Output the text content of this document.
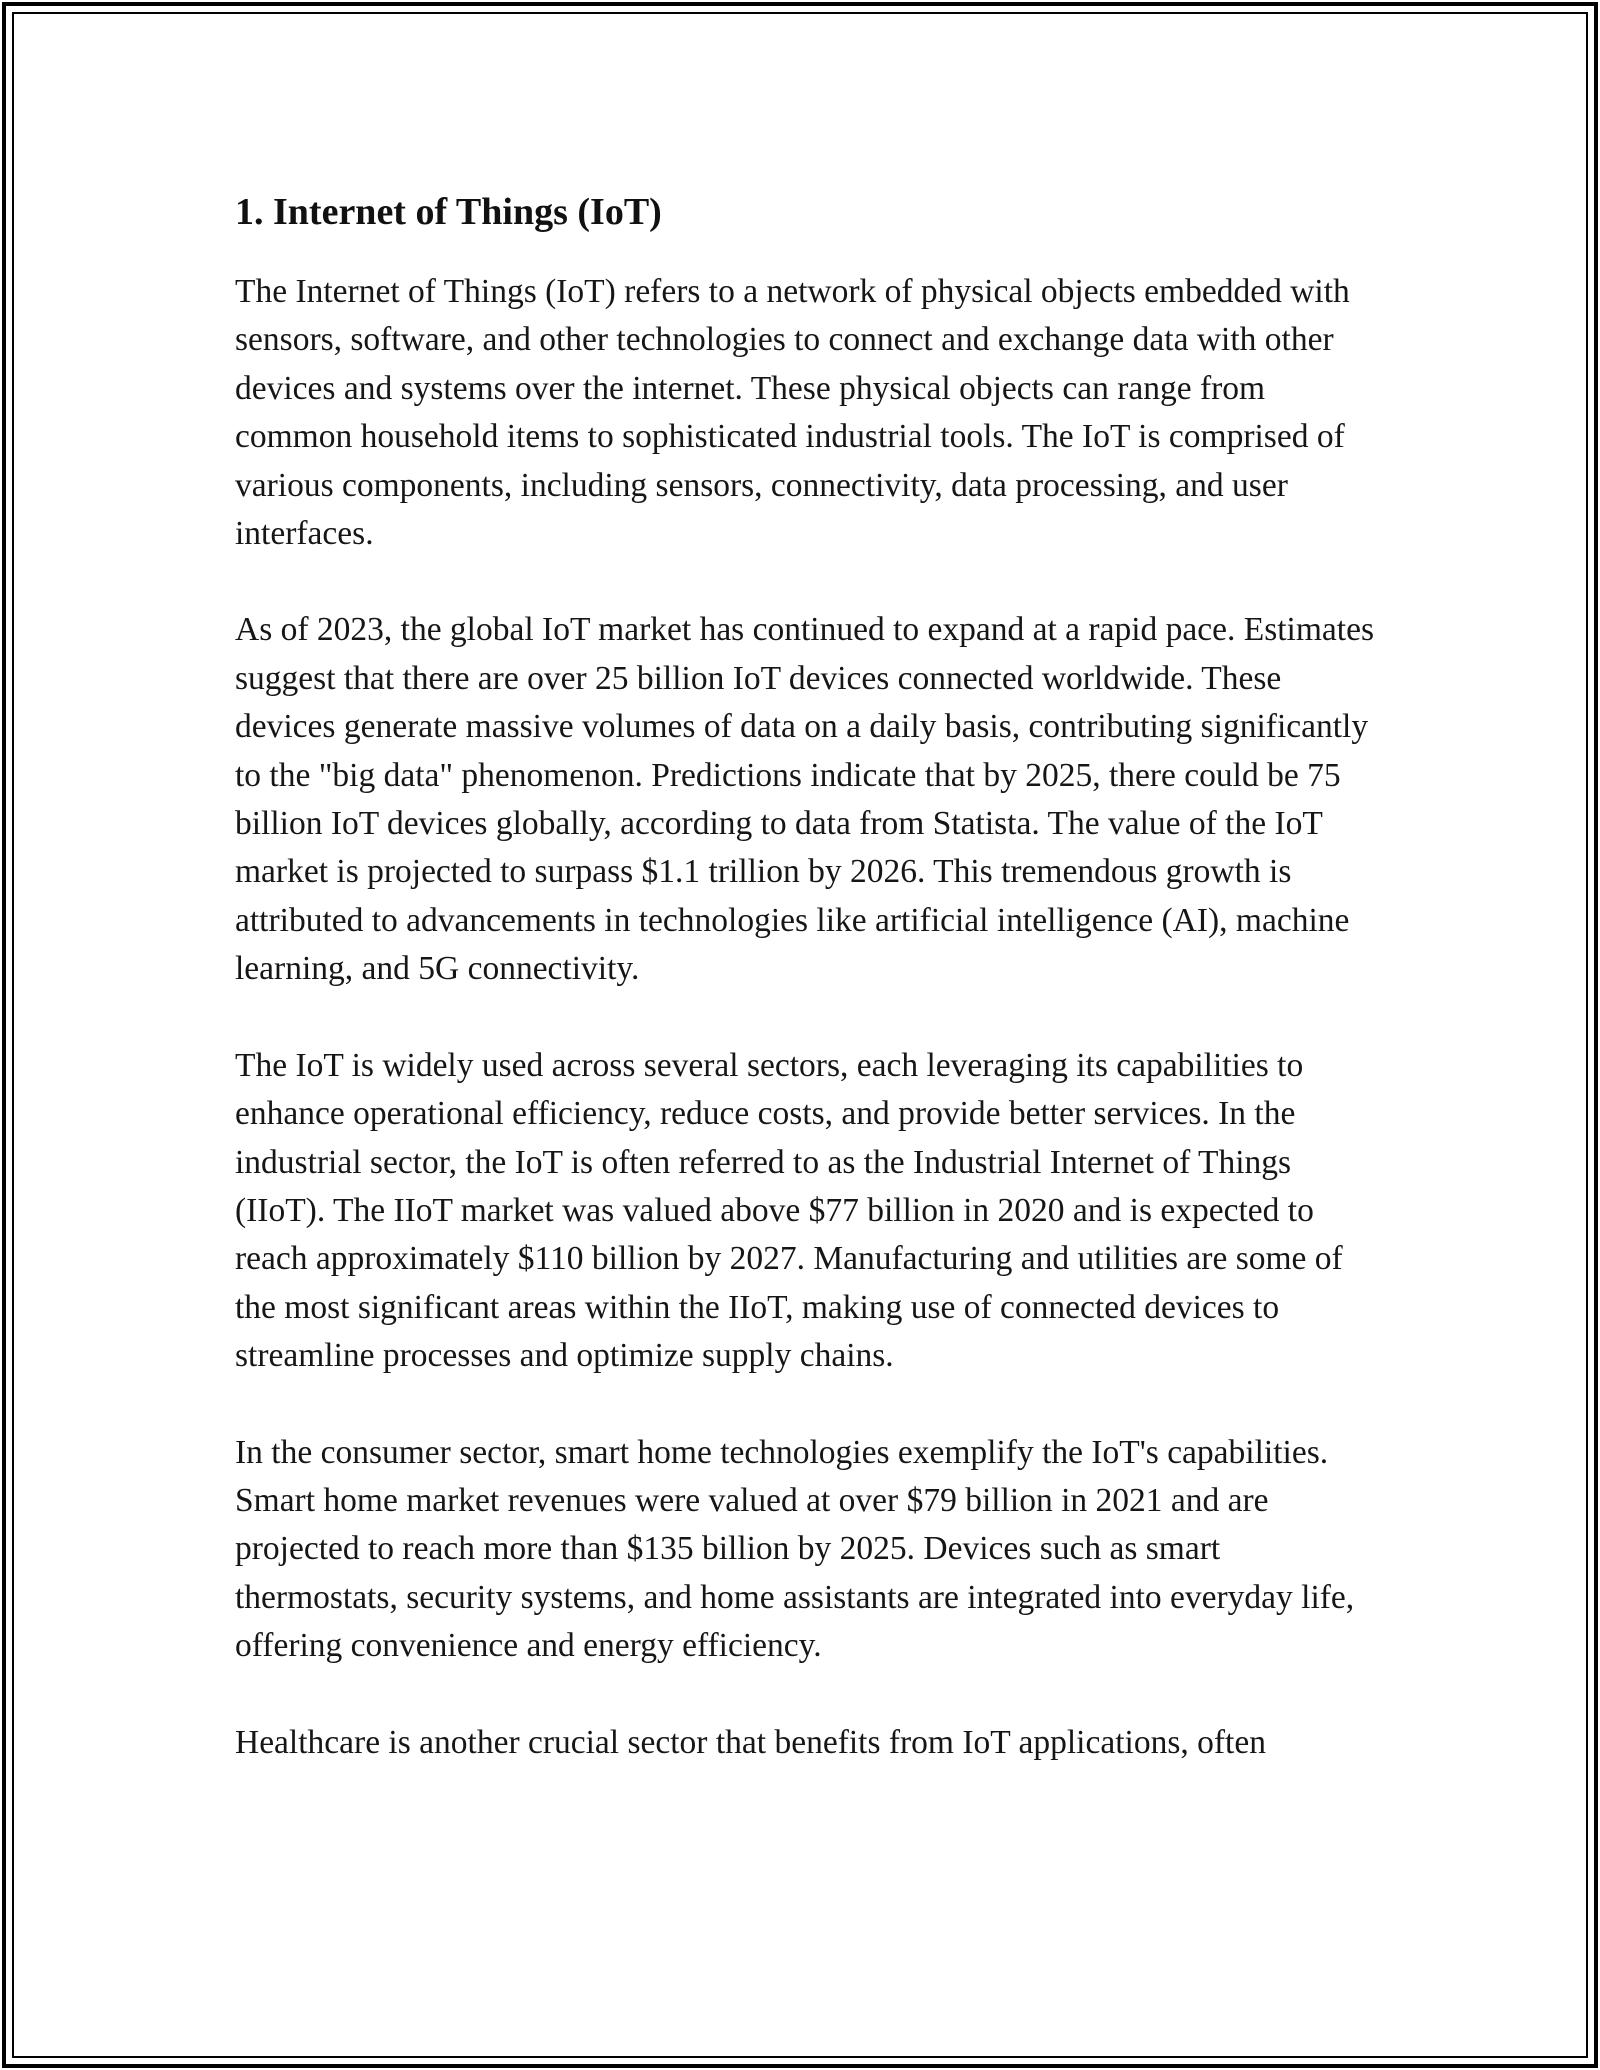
1. Internet of Things (IoT)

The Internet of Things (IoT) refers to a network of physical objects embedded with sensors, software, and other technologies to connect and exchange data with other devices and systems over the internet. These physical objects can range from common household items to sophisticated industrial tools. The IoT is comprised of various components, including sensors, connectivity, data processing, and user interfaces.

As of 2023, the global IoT market has continued to expand at a rapid pace. Estimates suggest that there are over 25 billion IoT devices connected worldwide. These devices generate massive volumes of data on a daily basis, contributing significantly to the "big data" phenomenon. Predictions indicate that by 2025, there could be 75 billion IoT devices globally, according to data from Statista. The value of the IoT market is projected to surpass $1.1 trillion by 2026. This tremendous growth is attributed to advancements in technologies like artificial intelligence (AI), machine learning, and 5G connectivity.

The IoT is widely used across several sectors, each leveraging its capabilities to enhance operational efficiency, reduce costs, and provide better services. In the industrial sector, the IoT is often referred to as the Industrial Internet of Things (IIoT). The IIoT market was valued above $77 billion in 2020 and is expected to reach approximately $110 billion by 2027. Manufacturing and utilities are some of the most significant areas within the IIoT, making use of connected devices to streamline processes and optimize supply chains.

In the consumer sector, smart home technologies exemplify the IoT's capabilities. Smart home market revenues were valued at over $79 billion in 2021 and are projected to reach more than $135 billion by 2025. Devices such as smart thermostats, security systems, and home assistants are integrated into everyday life, offering convenience and energy efficiency.

Healthcare is another crucial sector that benefits from IoT applications, often
